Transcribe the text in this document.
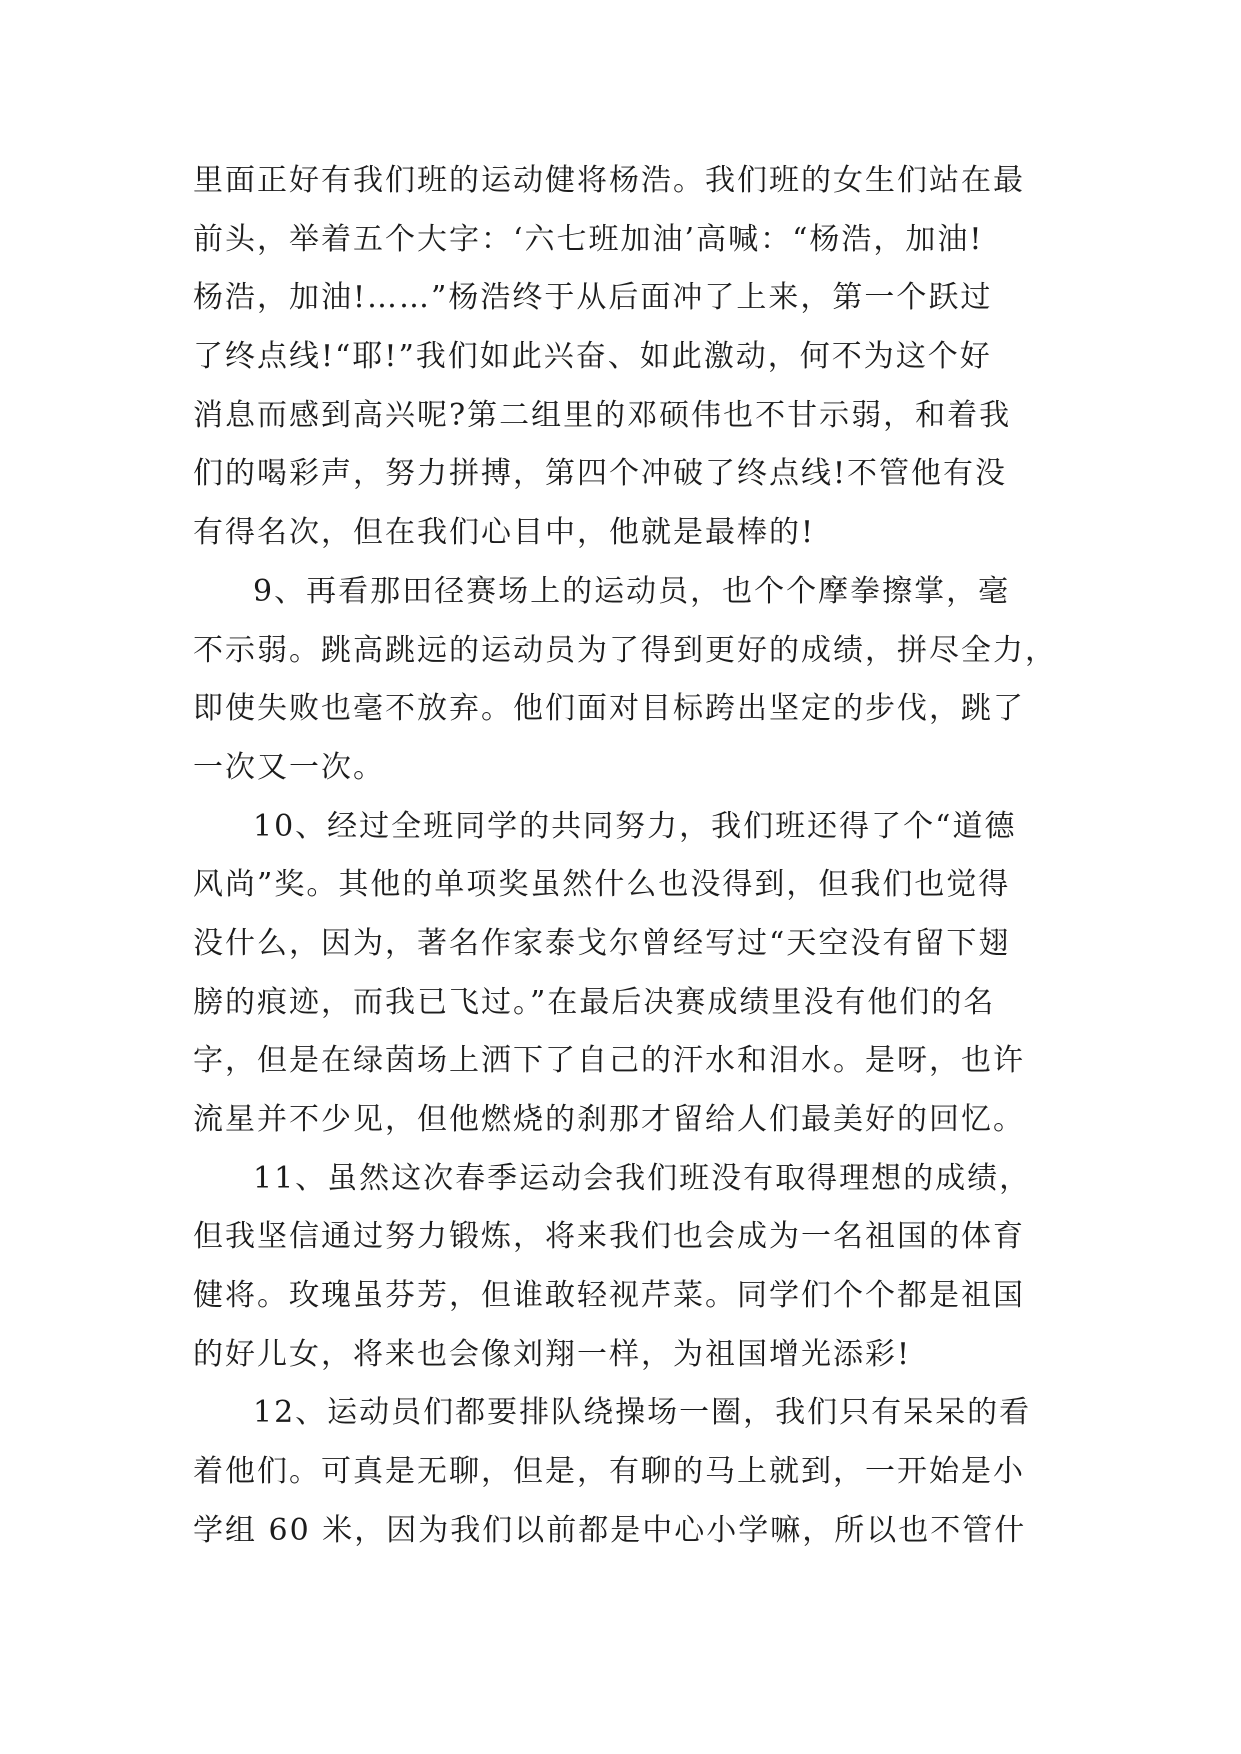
里面正好有我们班的运动健将杨浩。我们班的女生们站在最
前头，举着五个大字：‘六七班加油’高喊：“杨浩，加油!
杨浩，加油!……”杨浩终于从后面冲了上来，第一个跃过
了终点线!“耶!”我们如此兴奋、如此激动，何不为这个好
消息而感到高兴呢?第二组里的邓硕伟也不甘示弱，和着我
们的喝彩声，努力拼搏，第四个冲破了终点线!不管他有没
有得名次，但在我们心目中，他就是最棒的!
9、再看那田径赛场上的运动员，也个个摩拳擦掌，毫
不示弱。跳高跳远的运动员为了得到更好的成绩，拼尽全力，
即使失败也毫不放弃。他们面对目标跨出坚定的步伐，跳了
一次又一次。
10、经过全班同学的共同努力，我们班还得了个“道德
风尚”奖。其他的单项奖虽然什么也没得到，但我们也觉得
没什么，因为，著名作家泰戈尔曾经写过“天空没有留下翅
膀的痕迹，而我已飞过。”在最后决赛成绩里没有他们的名
字，但是在绿茵场上洒下了自己的汗水和泪水。是呀，也许
流星并不少见，但他燃烧的刹那才留给人们最美好的回忆。
11、虽然这次春季运动会我们班没有取得理想的成绩，
但我坚信通过努力锻炼，将来我们也会成为一名祖国的体育
健将。玫瑰虽芬芳，但谁敢轻视芹菜。同学们个个都是祖国
的好儿女，将来也会像刘翔一样，为祖国增光添彩!
12、运动员们都要排队绕操场一圈，我们只有呆呆的看
着他们。可真是无聊，但是，有聊的马上就到，一开始是小
学组 60 米，因为我们以前都是中心小学嘛，所以也不管什
